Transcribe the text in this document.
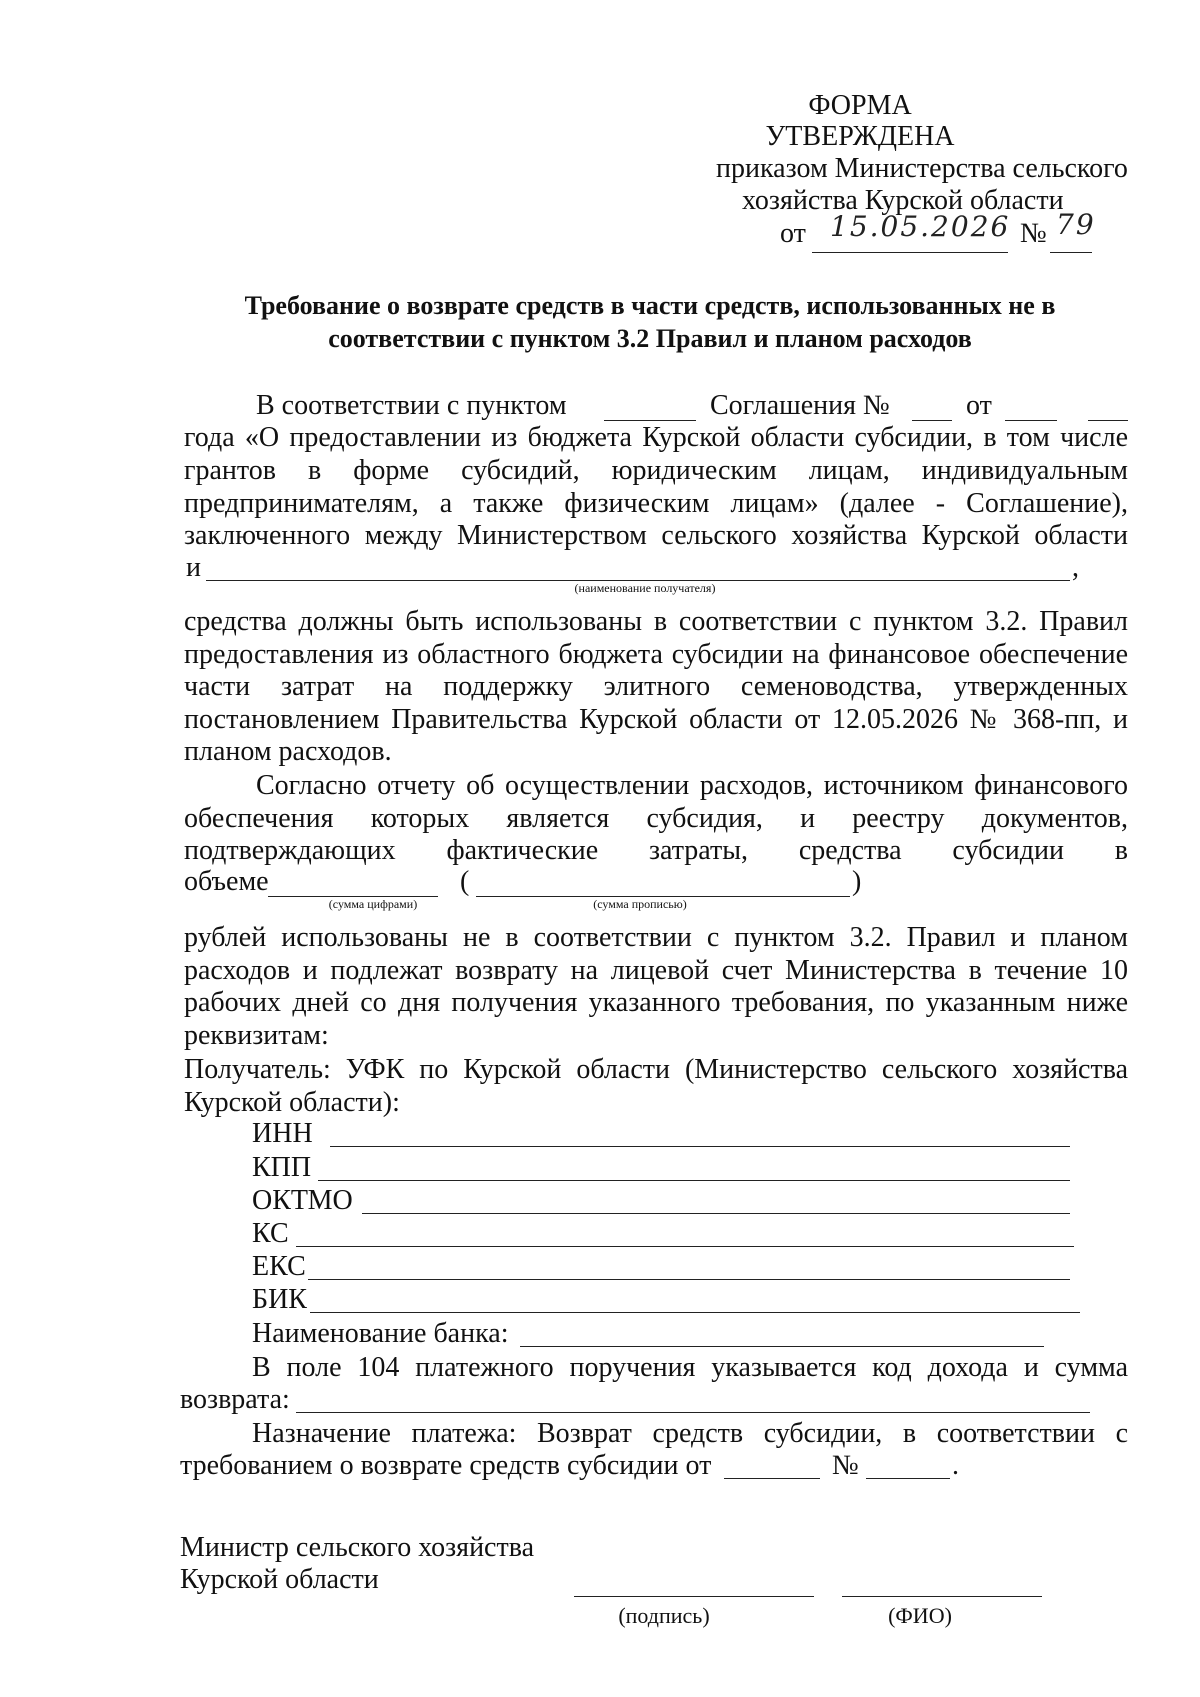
ФОРМА
УТВЕРЖДЕНА
приказом Министерства сельского
хозяйства Курской области
от 15.05.2026 № 79
Требование о возврате средств в части средств, использованных не в
соответствии с пунктом 3.2 Правил и планом расходов
В соответствии с пунктом	Соглашения №	от
года «О предоставлении из бюджета Курской области субсидии, в том числе
грантов в форме субсидий, юридическим лицам, индивидуальным
предпринимателям, а также физическим лицам» (далее - Соглашение),
заключенного между Министерством сельского хозяйства Курской области
и	,
(наименование получателя)
средства должны быть использованы в соответствии с пунктом 3.2. Правил предоставления из областного бюджета субсидии на финансовое обеспечение части затрат на поддержку элитного семеноводства, утвержденных постановлением Правительства Курской области от 12.05.2026 № 368-пп, и планом расходов.
Согласно отчету об осуществлении расходов, источником финансового обеспечения которых является субсидия, и реестру документов, подтверждающих фактические затраты, средства субсидии в
объеме
(сумма цифрами)
(	)
(сумма прописью)
рублей использованы не в соответствии с пунктом 3.2. Правил и планом расходов и подлежат возврату на лицевой счет Министерства в течение 10 рабочих дней со дня получения указанного требования, по указанным ниже реквизитам:
Получатель: УФК по Курской области (Министерство сельского хозяйства Курской области):
ИНН
КПП
ОКТМО
КС
ЕКС
БИК
Наименование банка:
В поле 104 платежного поручения указывается код дохода и сумма
возврата:
Назначение платежа: Возврат средств субсидии, в соответствии с
требованием о возврате средств субсидии от	№	.
Министр сельского хозяйства
Курской области
(подпись)	(ФИО)
